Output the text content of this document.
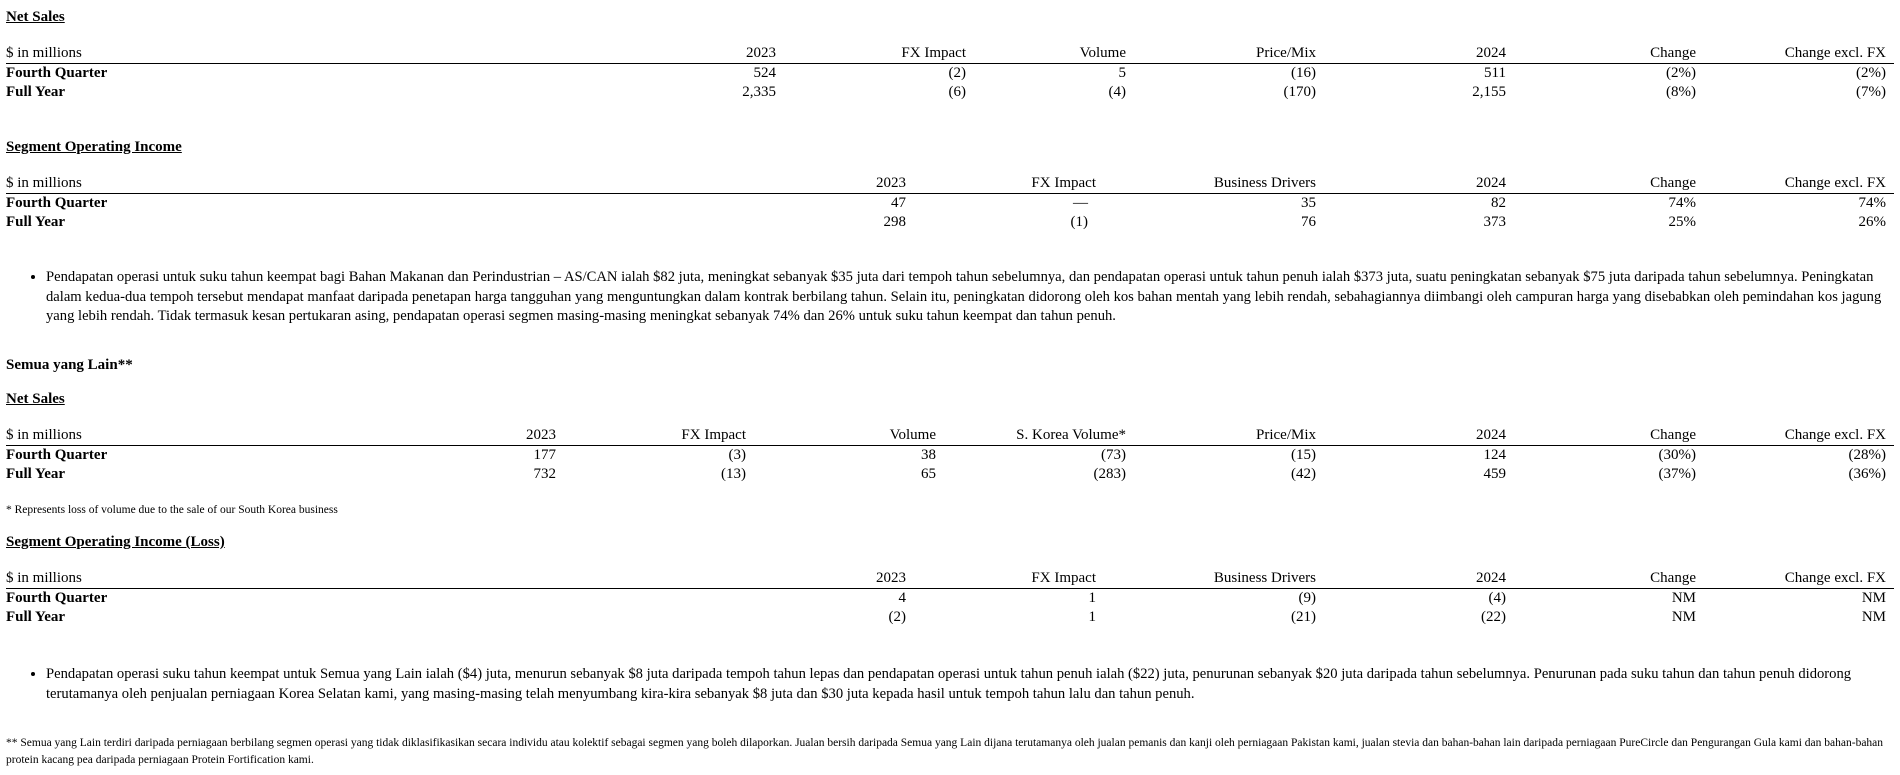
Net Sales
$ in millions	2023	FX Impact	Volume	Price/Mix	2024	Change	Change excl. FX
Fourth Quarter	524	(2)	5	(16)	511	(2%)	(2%)
Full Year	2,335	(6)	(4)	(170)	2,155	(8%)	(7%)
Segment Operating Income
$ in millions	2023	FX Impact	Business Drivers	2024	Change	Change excl. FX
Fourth Quarter	47	—	35	82	74%	74%
Full Year	298	(1)	76	373	25%	26%
• Pendapatan operasi untuk suku tahun keempat bagi Bahan Makanan dan Perindustrian – AS/CAN ialah $82 juta, meningkat sebanyak $35 juta dari tempoh tahun sebelumnya, dan pendapatan operasi untuk tahun penuh ialah $373 juta, suatu peningkatan sebanyak $75 juta daripada tahun sebelumnya. Peningkatan dalam kedua-dua tempoh tersebut mendapat manfaat daripada penetapan harga tangguhan yang menguntungkan dalam kontrak berbilang tahun. Selain itu, peningkatan didorong oleh kos bahan mentah yang lebih rendah, sebahagiannya diimbangi oleh campuran harga yang disebabkan oleh pemindahan kos jagung yang lebih rendah. Tidak termasuk kesan pertukaran asing, pendapatan operasi segmen masing-masing meningkat sebanyak 74% dan 26% untuk suku tahun keempat dan tahun penuh.
Semua yang Lain**
Net Sales
$ in millions	2023	FX Impact	Volume	S. Korea Volume*	Price/Mix	2024	Change	Change excl. FX
Fourth Quarter	177	(3)	38	(73)	(15)	124	(30%)	(28%)
Full Year	732	(13)	65	(283)	(42)	459	(37%)	(36%)
* Represents loss of volume due to the sale of our South Korea business
Segment Operating Income (Loss)
$ in millions	2023	FX Impact	Business Drivers	2024	Change	Change excl. FX
Fourth Quarter	4	1	(9)	(4)	NM	NM
Full Year	(2)	1	(21)	(22)	NM	NM
• Pendapatan operasi suku tahun keempat untuk Semua yang Lain ialah ($4) juta, menurun sebanyak $8 juta daripada tempoh tahun lepas dan pendapatan operasi untuk tahun penuh ialah ($22) juta, penurunan sebanyak $20 juta daripada tahun sebelumnya. Penurunan pada suku tahun dan tahun penuh didorong terutamanya oleh penjualan perniagaan Korea Selatan kami, yang masing-masing telah menyumbang kira-kira sebanyak $8 juta dan $30 juta kepada hasil untuk tempoh tahun lalu dan tahun penuh.
** Semua yang Lain terdiri daripada perniagaan berbilang segmen operasi yang tidak diklasifikasikan secara individu atau kolektif sebagai segmen yang boleh dilaporkan. Jualan bersih daripada Semua yang Lain dijana terutamanya oleh jualan pemanis dan kanji oleh perniagaan Pakistan kami, jualan stevia dan bahan-bahan lain daripada perniagaan PureCircle dan Pengurangan Gula kami dan bahan-bahan protein kacang pea daripada perniagaan Protein Fortification kami.
